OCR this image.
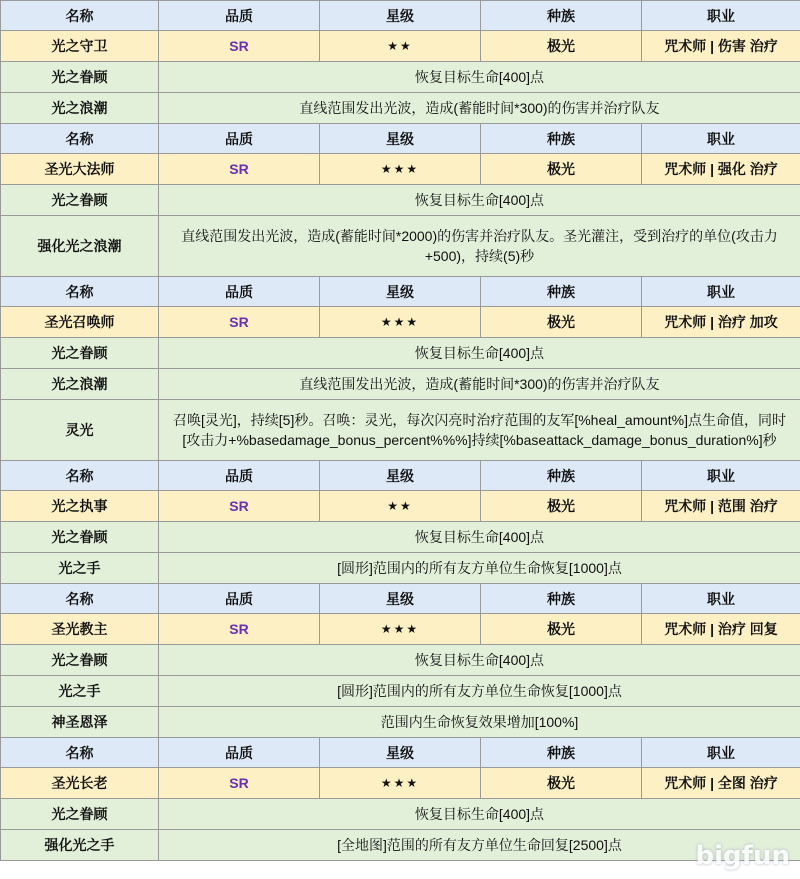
名称	品质	星级	种族	职业
光之守卫	SR	★★	极光	咒术师 | 伤害 治疗
光之眷顾	恢复目标生命[400]点			
光之浪潮	直线范围发出光波，造成(蓄能时间*300)的伤害并治疗队友			
名称	品质	星级	种族	职业
圣光大法师	SR	★★★	极光	咒术师 | 强化 治疗
光之眷顾	恢复目标生命[400]点			
强化光之浪潮	直线范围发出光波，造成(蓄能时间*2000)的伤害并治疗队友。圣光灌注，受到治疗的单位(攻击力+500)，持续(5)秒			
名称	品质	星级	种族	职业
圣光召唤师	SR	★★★	极光	咒术师 | 治疗 加攻
光之眷顾	恢复目标生命[400]点			
光之浪潮	直线范围发出光波，造成(蓄能时间*300)的伤害并治疗队友			
灵光	召唤[灵光]，持续[5]秒。召唤：灵光，每次闪亮时治疗范围的友军[%heal_amount%]点生命值，同时[攻击力+%basedamage_bonus_percent%%%]持续[%baseattack_damage_bonus_duration%]秒			
名称	品质	星级	种族	职业
光之执事	SR	★★	极光	咒术师 | 范围 治疗
光之眷顾	恢复目标生命[400]点			
光之手	[圆形]范围内的所有友方单位生命恢复[1000]点			
名称	品质	星级	种族	职业
圣光教主	SR	★★★	极光	咒术师 | 治疗 回复
光之眷顾	恢复目标生命[400]点			
光之手	[圆形]范围内的所有友方单位生命恢复[1000]点			
神圣恩泽	范围内生命恢复效果增加[100%]			
名称	品质	星级	种族	职业
圣光长老	SR	★★★	极光	咒术师 | 全图 治疗
光之眷顾	恢复目标生命[400]点			
强化光之手	[全地图]范围的所有友方单位生命回复[2500]点				bigfun
